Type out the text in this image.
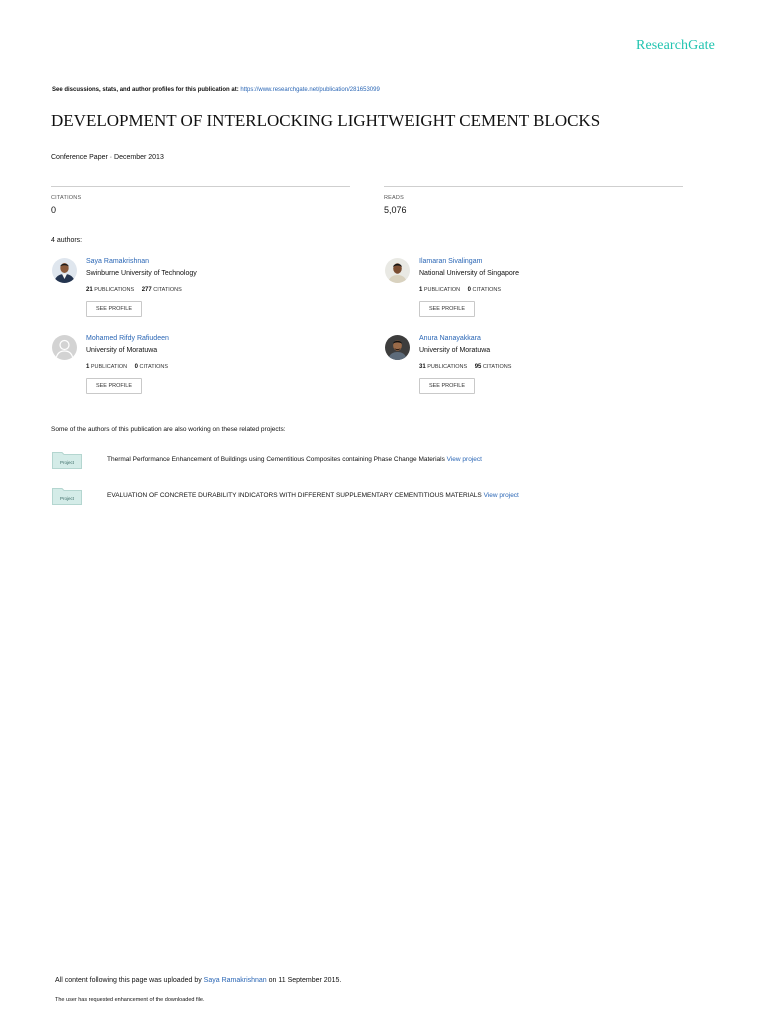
ResearchGate
See discussions, stats, and author profiles for this publication at: https://www.researchgate.net/publication/281653099
DEVELOPMENT OF INTERLOCKING LIGHTWEIGHT CEMENT BLOCKS
Conference Paper · December 2013
CITATIONS
0
READS
5,076
4 authors:
Saya Ramakrishnan
Swinburne University of Technology
21 PUBLICATIONS 277 CITATIONS
SEE PROFILE
Ilamaran Sivalingam
National University of Singapore
1 PUBLICATION 0 CITATIONS
SEE PROFILE
Mohamed Rifdy Rafiudeen
University of Moratuwa
1 PUBLICATION 0 CITATIONS
SEE PROFILE
Anura Nanayakkara
University of Moratuwa
31 PUBLICATIONS 95 CITATIONS
SEE PROFILE
Some of the authors of this publication are also working on these related projects:
Project	Thermal Performance Enhancement of Buildings using Cementitious Composites containing Phase Change Materials View project
Project	EVALUATION OF CONCRETE DURABILITY INDICATORS WITH DIFFERENT SUPPLEMENTARY CEMENTITIOUS MATERIALS View project
All content following this page was uploaded by Saya Ramakrishnan on 11 September 2015.
The user has requested enhancement of the downloaded file.
